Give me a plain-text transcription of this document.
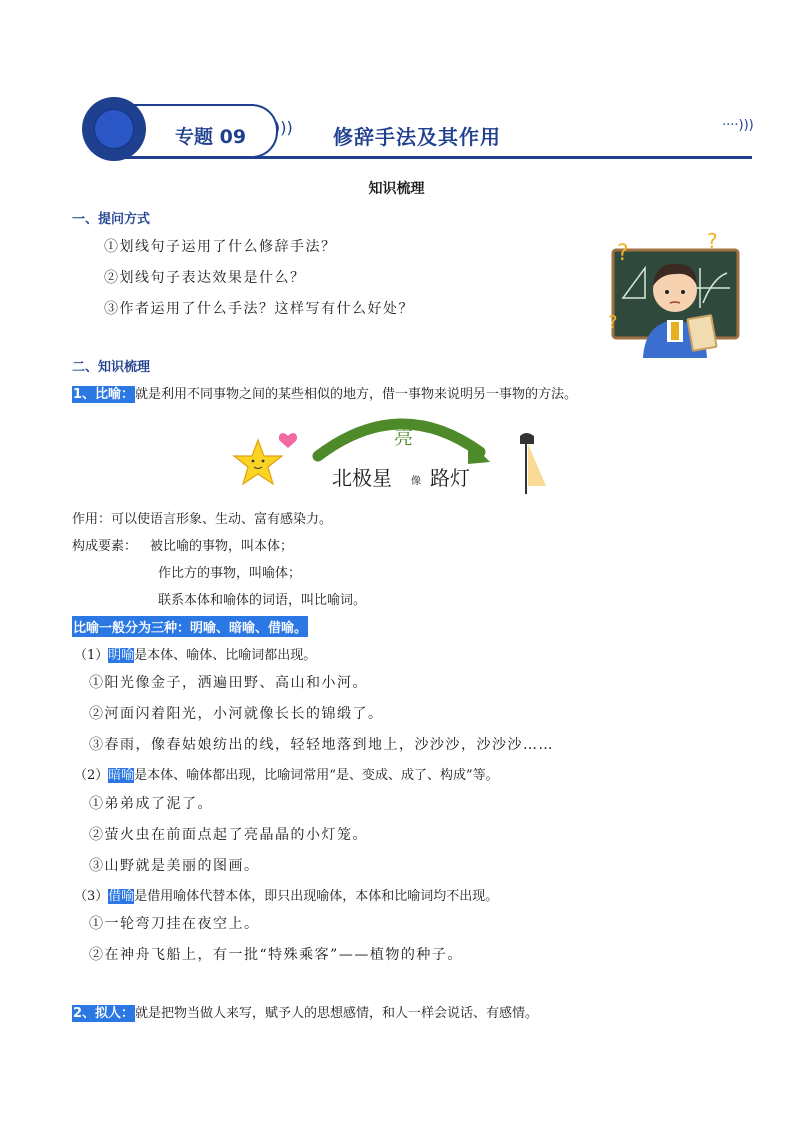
)))	····)))
专题 09	修辞手法及其作用
知识梳理
一、提问方式
①划线句子运用了什么修辞手法？
②划线句子表达效果是什么？
③作者运用了什么手法？这样写有什么好处？
?	?
?
二、知识梳理
1、比喻：就是利用不同事物之间的某些相似的地方，借一事物来说明另一事物的方法。
亮
北极星 像 路灯
作用：可以使语言形象、生动、富有感染力。
构成要素： 被比喻的事物，叫本体；
作比方的事物，叫喻体；
联系本体和喻体的词语，叫比喻词。
比喻一般分为三种：明喻、暗喻、借喻。
（1）明喻是本体、喻体、比喻词都出现。
①阳光像金子，洒遍田野、高山和小河。
②河面闪着阳光，小河就像长长的锦缎了。
③春雨，像春姑娘纺出的线，轻轻地落到地上，沙沙沙，沙沙沙……
（2）暗喻是本体、喻体都出现，比喻词常用“是、变成、成了、构成”等。
①弟弟成了泥了。
②萤火虫在前面点起了亮晶晶的小灯笼。
③山野就是美丽的图画。
（3）借喻是借用喻体代替本体，即只出现喻体，本体和比喻词均不出现。
①一轮弯刀挂在夜空上。
②在神舟飞船上，有一批“特殊乘客”——植物的种子。
2、拟人：就是把物当做人来写，赋予人的思想感情，和人一样会说话、有感情。
